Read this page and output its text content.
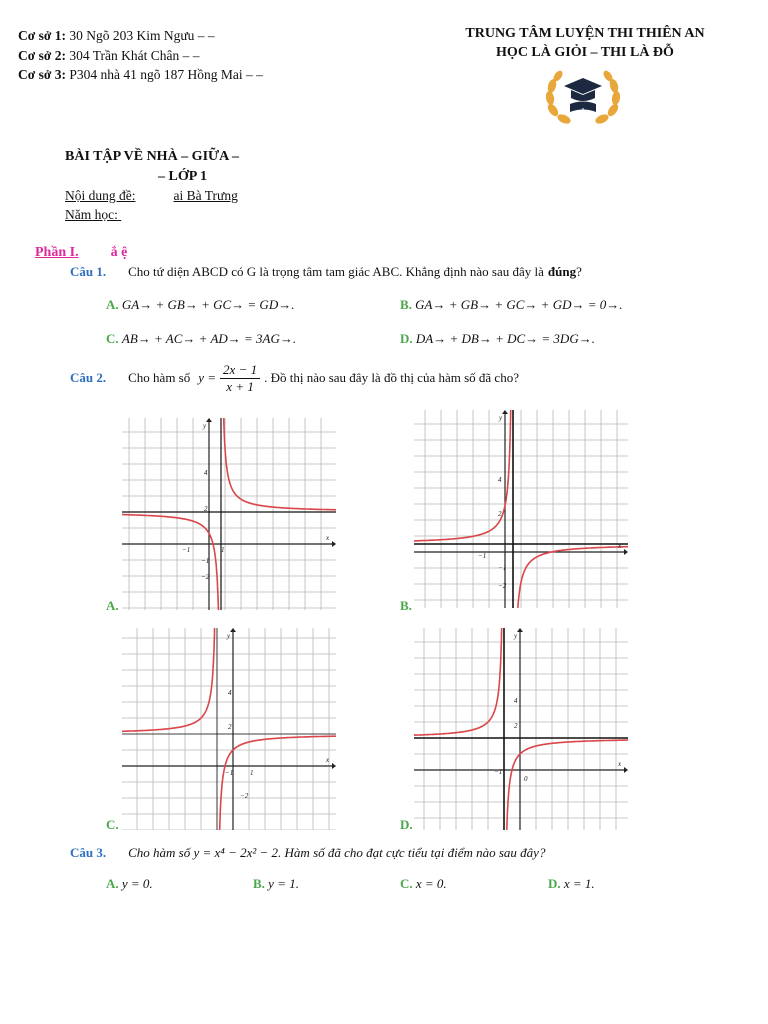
Cơ sở 1: 30 Ngõ 203 Kim Ngưu – –
Cơ sở 2: 304 Trần Khát Chân – –
Cơ sở 3: P304 nhà 41 ngõ 187 Hồng Mai – –
TRUNG TÂM LUYỆN THI THIÊN AN
HỌC LÀ GIỎI – THI LÀ ĐỖ
BÀI TẬP VỀ NHÀ – GIỮA –
– LỚP 1
Nội dung đề:	ai Bà Trưng
Năm học:
Phần I. ắ ệ
Câu 1. Cho tứ diện ABCD có G là trọng tâm tam giác ABC. Khẳng định nào sau đây là đúng?
A. GA→ + GB→ + GC→ = GD→.	B. GA→ + GB→ + GC→ + GD→ = 0→.
C. AB→ + AC→ + AD→ = 3AG→.	D. DA→ + DB→ + DC→ = 3DG→.
Câu 2. Cho hàm số $y = \frac{2x - 1}{x + 1}$ . Đồ thị nào sau đây là đồ thị của hàm số đã cho?
y
x
4
2
−1	1
−1
−2
y
x
4
2
−1
−1
−2
y
x
4
2
−1 1
−2
y
x
4
2
−1
0
A.	B.
C.	D.
Câu 3. Cho hàm số y = x⁴ − 2x² − 2. Hàm số đã cho đạt cực tiểu tại điểm nào sau đây?
A. y = 0.	B. y = 1.	C. x = 0.	D. x = 1.
